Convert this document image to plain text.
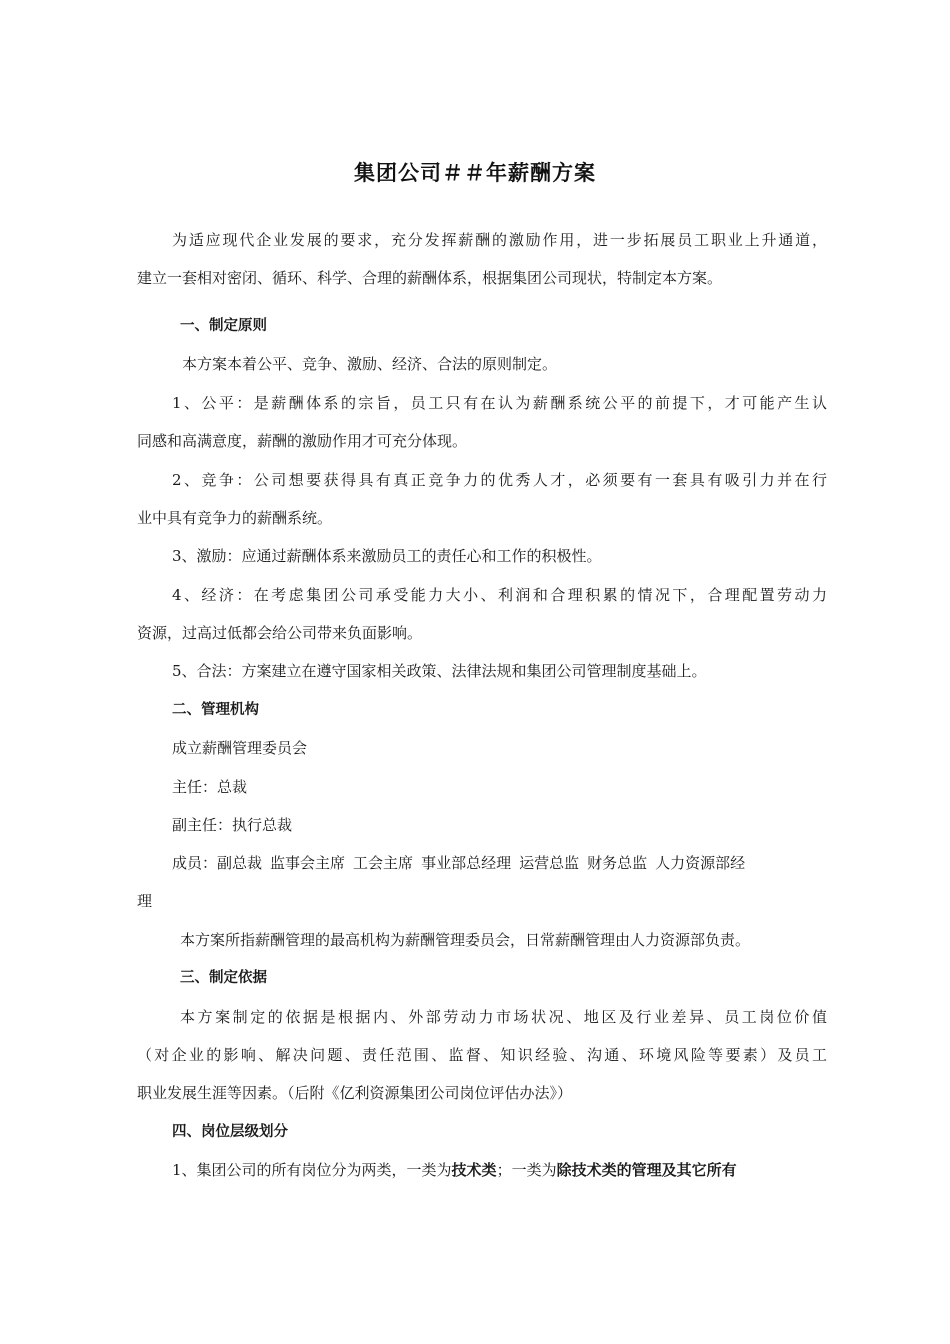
集团公司＃＃年薪酬方案
为适应现代企业发展的要求，充分发挥薪酬的激励作用，进一步拓展员工职业上升通道，
建立一套相对密闭、循环、科学、合理的薪酬体系，根据集团公司现状，特制定本方案。
一、制定原则
本方案本着公平、竞争、激励、经济、合法的原则制定。
1、公平：是薪酬体系的宗旨，员工只有在认为薪酬系统公平的前提下，才可能产生认
同感和高满意度，薪酬的激励作用才可充分体现。
2、竞争：公司想要获得具有真正竞争力的优秀人才，必须要有一套具有吸引力并在行
业中具有竞争力的薪酬系统。
3、激励：应通过薪酬体系来激励员工的责任心和工作的积极性。
4、经济：在考虑集团公司承受能力大小、利润和合理积累的情况下，合理配置劳动力
资源，过高过低都会给公司带来负面影响。
5、合法：方案建立在遵守国家相关政策、法律法规和集团公司管理制度基础上。
二、管理机构
成立薪酬管理委员会
主任：总裁
副主任：执行总裁
成员：副总裁 监事会主席 工会主席 事业部总经理 运营总监 财务总监 人力资源部经
理
本方案所指薪酬管理的最高机构为薪酬管理委员会，日常薪酬管理由人力资源部负责。
三、制定依据
本方案制定的依据是根据内、外部劳动力市场状况、地区及行业差异、员工岗位价值
（对企业的影响、解决问题、责任范围、监督、知识经验、沟通、环境风险等要素）及员工
职业发展生涯等因素。（后附《亿利资源集团公司岗位评估办法》）
四、岗位层级划分
1、集团公司的所有岗位分为两类，一类为技术类；一类为除技术类的管理及其它所有
